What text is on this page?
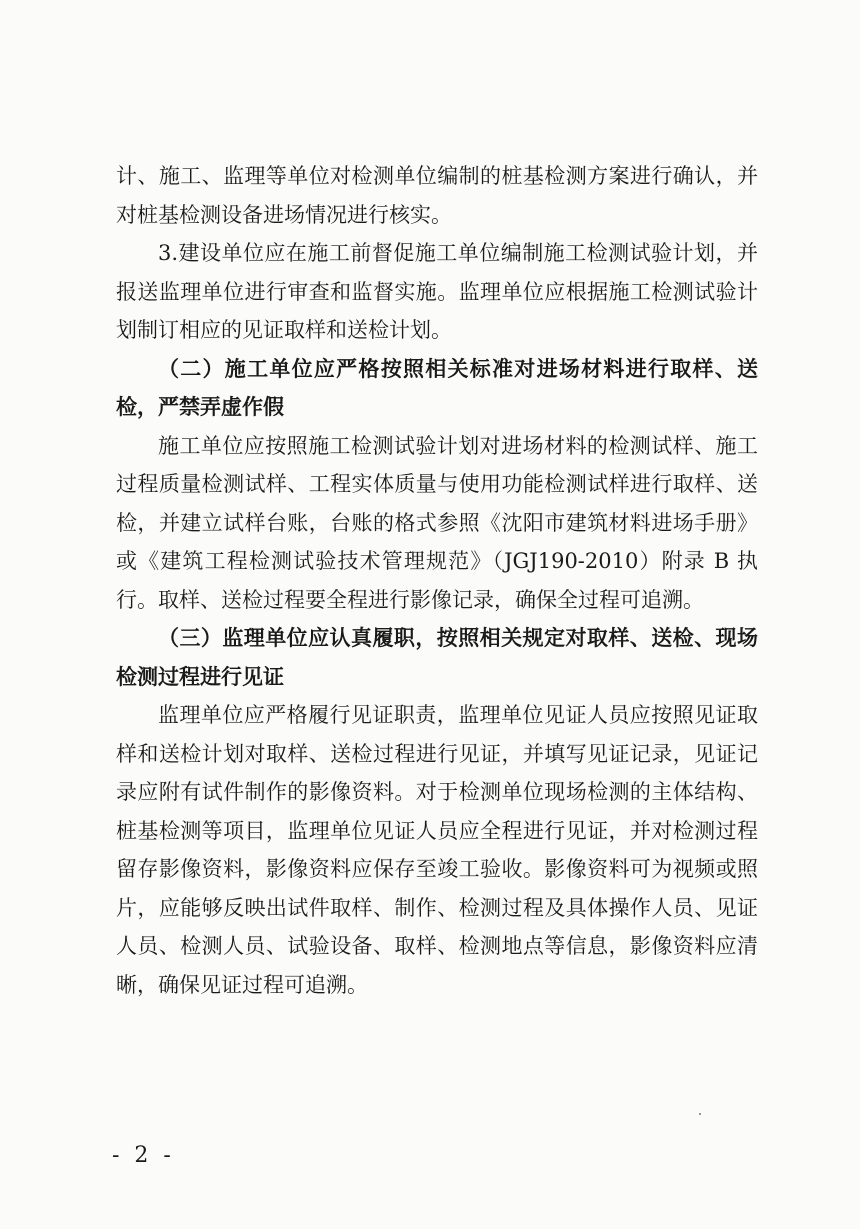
计、施工、监理等单位对检测单位编制的桩基检测方案进行确认，并对桩基检测设备进场情况进行核实。

3.建设单位应在施工前督促施工单位编制施工检测试验计划，并报送监理单位进行审查和监督实施。监理单位应根据施工检测试验计划制订相应的见证取样和送检计划。

（二）施工单位应严格按照相关标准对进场材料进行取样、送检，严禁弄虚作假

施工单位应按照施工检测试验计划对进场材料的检测试样、施工过程质量检测试样、工程实体质量与使用功能检测试样进行取样、送检，并建立试样台账，台账的格式参照《沈阳市建筑材料进场手册》或《建筑工程检测试验技术管理规范》（JGJ190-2010）附录 B 执行。取样、送检过程要全程进行影像记录，确保全过程可追溯。

（三）监理单位应认真履职，按照相关规定对取样、送检、现场检测过程进行见证

监理单位应严格履行见证职责，监理单位见证人员应按照见证取样和送检计划对取样、送检过程进行见证，并填写见证记录，见证记录应附有试件制作的影像资料。对于检测单位现场检测的主体结构、桩基检测等项目，监理单位见证人员应全程进行见证，并对检测过程留存影像资料，影像资料应保存至竣工验收。影像资料可为视频或照片，应能够反映出试件取样、制作、检测过程及具体操作人员、见证人员、检测人员、试验设备、取样、检测地点等信息，影像资料应清晰，确保见证过程可追溯。

- 2 -
